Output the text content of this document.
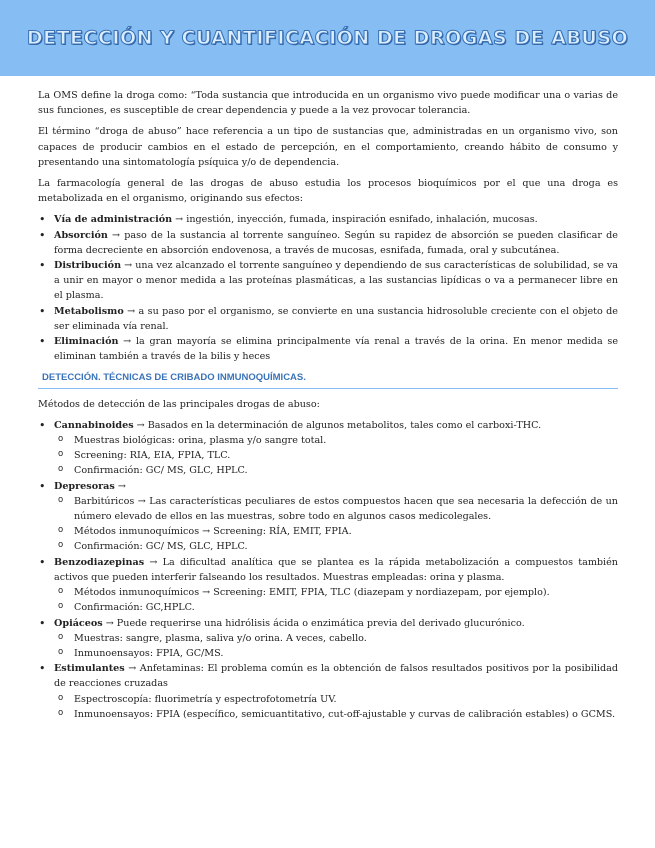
DETECCIÓN Y CUANTIFICACIÓN DE DROGAS DE ABUSO

La OMS define la droga como: “Toda sustancia que introducida en un organismo vivo puede modificar una o varias de sus funciones, es susceptible de crear dependencia y puede a la vez provocar tolerancia.

El término “droga de abuso” hace referencia a un tipo de sustancias que, administradas en un organismo vivo, son capaces de producir cambios en el estado de percepción, en el comportamiento, creando hábito de consumo y presentando una sintomatología psíquica y/o de dependencia.

La farmacología general de las drogas de abuso estudia los procesos bioquímicos por el que una droga es metabolizada en el organismo, originando sus efectos:

• Vía de administración → ingestión, inyección, fumada, inspiración esnifado, inhalación, mucosas.
• Absorción → paso de la sustancia al torrente sanguíneo. Según su rapidez de absorción se pueden clasificar de forma decreciente en absorción endovenosa, a través de mucosas, esnifada, fumada, oral y subcutánea.
• Distribución → una vez alcanzado el torrente sanguíneo y dependiendo de sus características de solubilidad, se va a unir en mayor o menor medida a las proteínas plasmáticas, a las sustancias lipídicas o va a permanecer libre en el plasma.
• Metabolismo → a su paso por el organismo, se convierte en una sustancia hidrosoluble creciente con el objeto de ser eliminada vía renal.
• Eliminación → la gran mayoría se elimina principalmente vía renal a través de la orina. En menor medida se eliminan también a través de la bilis y heces
DETECCIÓN. TÉCNICAS DE CRIBADO INMUNOQUÍMICAS.

Métodos de detección de las principales drogas de abuso:

• Cannabinoides → Basados en la determinación de algunos metabolitos, tales como el carboxi-THC.
o Muestras biológicas: orina, plasma y/o sangre total.
o Screening: RIA, EIA, FPIA, TLC.
o Confirmación: GC/ MS, GLC, HPLC.
• Depresoras →
o Barbitúricos → Las características peculiares de estos compuestos hacen que sea necesaria la defección de un número elevado de ellos en las muestras, sobre todo en algunos casos medicolegales.
o Métodos inmunoquímicos → Screening: RÍA, EMIT, FPIA.
o Confirmación: GC/ MS, GLC, HPLC.
• Benzodiazepinas → La dificultad analítica que se plantea es la rápida metabolización a compuestos también activos que pueden interferir falseando los resultados. Muestras empleadas: orina y plasma.
o Métodos inmunoquímicos → Screening: EMIT, FPIA, TLC (diazepam y nordiazepam, por ejemplo).
o Confirmación: GC,HPLC.
• Opiáceos → Puede requerirse una hidrólisis ácida o enzimática previa del derivado glucurónico.
o Muestras: sangre, plasma, saliva y/o orina. A veces, cabello.
o Inmunoensayos: FPIA, GC/MS.
• Estimulantes → Anfetaminas: El problema común es la obtención de falsos resultados positivos por la posibilidad de reacciones cruzadas
o Espectroscopía: fluorimetría y espectrofotometría UV.
o Inmunoensayos: FPIA (específico, semicuantitativo, cut-off-ajustable y curvas de calibración estables) o GCMS.
